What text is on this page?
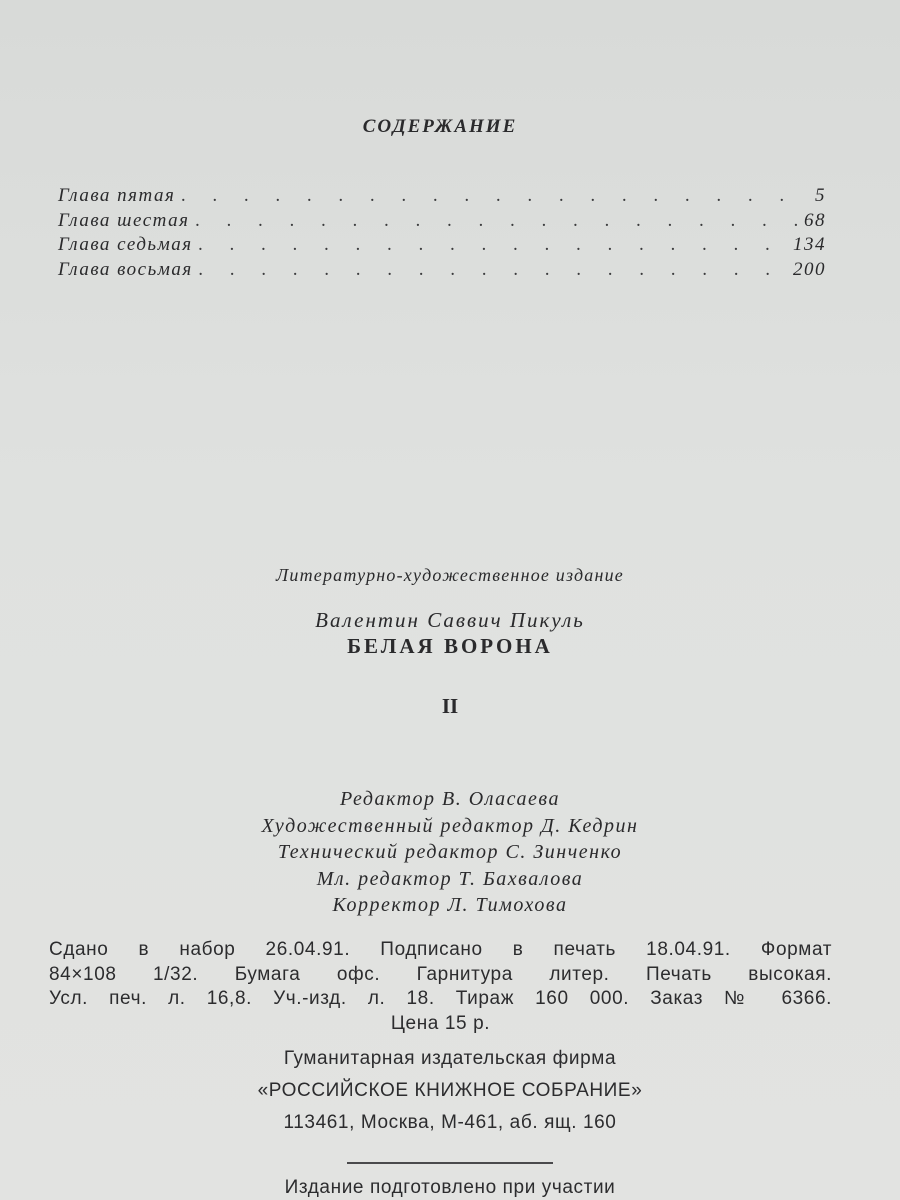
СОДЕРЖАНИЕ
Глава пятая . . .	5
Глава шестая . . .	68
Глава седьмая . . .	134
Глава восьмая . . .	200
Литературно-художественное издание
Валентин Саввич Пикуль
БЕЛАЯ ВОРОНА
II
Редактор В. Оласаева
Художественный редактор Д. Кедрин
Технический редактор С. Зинченко
Мл. редактор Т. Бахвалова
Корректор Л. Тимохова
Сдано в набор 26.04.91. Подписано в печать 18.04.91. Формат
84×108 1/32. Бумага офс. Гарнитура литер. Печать высокая.
Усл. печ. л. 16,8. Уч.-изд. л. 18. Тираж 160 000. Заказ № 6366.
Цена 15 р.
Гуманитарная издательская фирма
«РОССИЙСКОЕ КНИЖНОЕ СОБРАНИЕ»
113461, Москва, М-461, аб. ящ. 160
Издание подготовлено при участии
